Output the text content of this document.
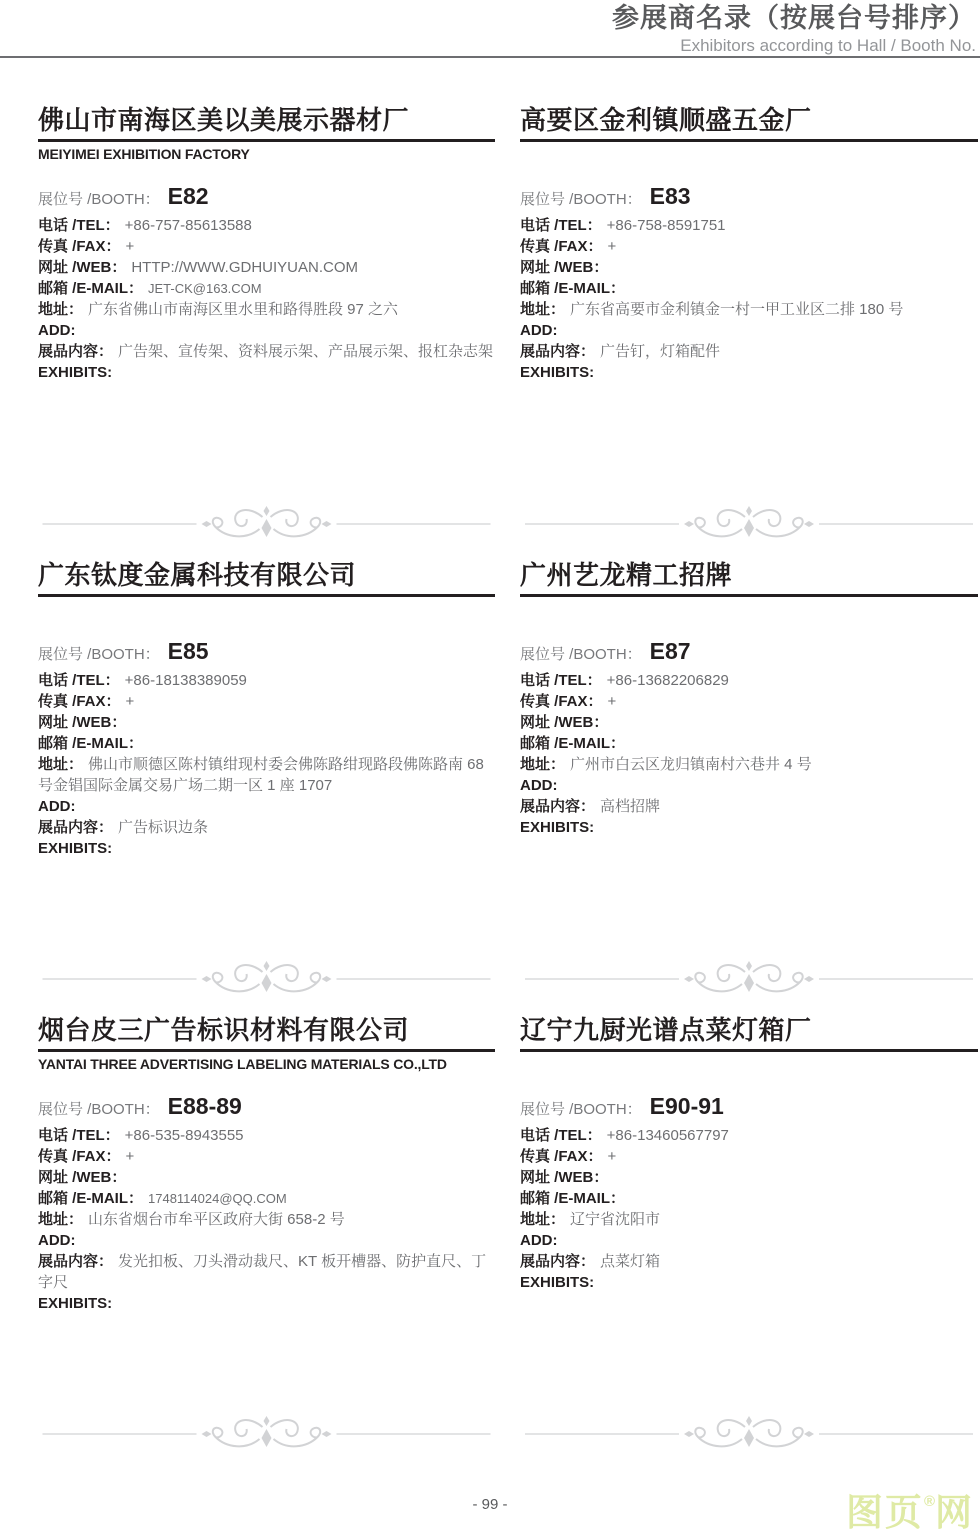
参展商名录（按展台号排序）
Exhibitors according to Hall / Booth No.
佛山市南海区美以美展示器材厂
MEIYIMEI EXHIBITION FACTORY
展位号 /BOOTH： E82
电话 /TEL： +86-757-85613588
传真 /FAX： +
网址 /WEB： HTTP://WWW.GDHUIYUAN.COM
邮箱 /E-MAIL： JET-CK@163.COM
地址： 广东省佛山市南海区里水里和路得胜段 97 之六
ADD:
展品内容： 广告架、宣传架、资料展示架、产品展示架、报杠杂志架
EXHIBITS:
高要区金利镇顺盛五金厂
展位号 /BOOTH： E83
电话 /TEL： +86-758-8591751
传真 /FAX： +
网址 /WEB：
邮箱 /E-MAIL：
地址： 广东省高要市金利镇金一村一甲工业区二排 180 号
ADD:
展品内容： 广告钉，灯箱配件
EXHIBITS:
广东钛度金属科技有限公司
展位号 /BOOTH： E85
电话 /TEL： +86-18138389059
传真 /FAX： +
网址 /WEB：
邮箱 /E-MAIL：
地址： 佛山市顺德区陈村镇绀现村委会佛陈路绀现路段佛陈路南 68 号金锠国际金属交易广场二期一区 1 座 1707
ADD:
展品内容： 广告标识边条
EXHIBITS:
广州艺龙精工招牌
展位号 /BOOTH： E87
电话 /TEL： +86-13682206829
传真 /FAX： +
网址 /WEB：
邮箱 /E-MAIL：
地址： 广州市白云区龙归镇南村六巷井 4 号
ADD:
展品内容： 高档招牌
EXHIBITS:
烟台皮三广告标识材料有限公司
YANTAI THREE ADVERTISING LABELING MATERIALS CO.,LTD
展位号 /BOOTH： E88-89
电话 /TEL： +86-535-8943555
传真 /FAX： +
网址 /WEB：
邮箱 /E-MAIL： 1748114024@QQ.COM
地址： 山东省烟台市牟平区政府大街 658-2 号
ADD:
展品内容： 发光扣板、刀头滑动裁尺、KT 板开槽器、防护直尺、丁字尺
EXHIBITS:
辽宁九厨光谱点菜灯箱厂
展位号 /BOOTH： E90-91
电话 /TEL： +86-13460567797
传真 /FAX： +
网址 /WEB：
邮箱 /E-MAIL：
地址： 辽宁省沈阳市
ADD:
展品内容： 点菜灯箱
EXHIBITS:
- 99 -	图页®网
